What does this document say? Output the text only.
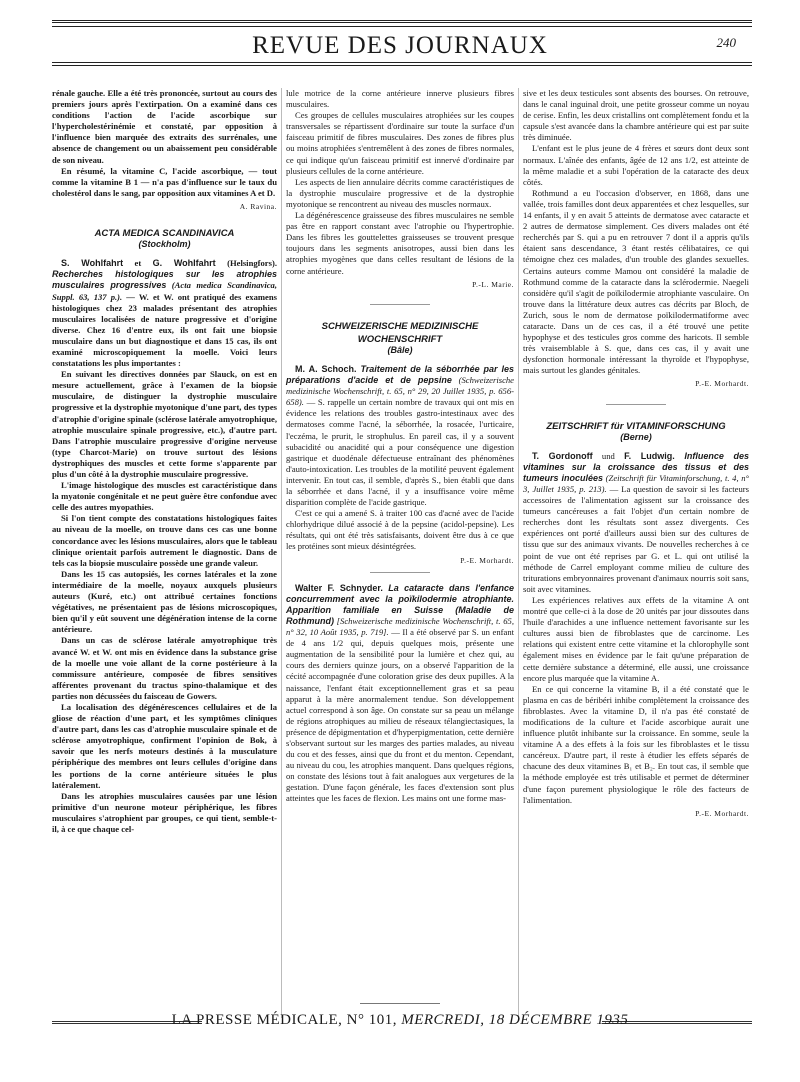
REVUE DES JOURNAUX	240

rénale gauche. Elle a été très prononcée, surtout au cours des premiers jours après l'extirpation. On a examiné dans ces conditions l'action de l'acide ascorbique sur l'hypercholestérinémie et constaté, par opposition à l'influence bien marquée des extraits des surrénales, une absence de changement ou un abaissement peu considérable de son niveau.

En résumé, la vitamine C, l'acide ascorbique, — tout comme la vitamine B 1 — n'a pas d'influence sur le taux du cholestérol dans le sang, par opposition aux vitamines A et D.

A. Ravina.

ACTA MEDICA SCANDINAVICA
(Stockholm)

S. Wohlfahrt et G. Wohlfahrt (Helsingfors). Recherches histologiques sur les atrophies musculaires progressives (Acta medica Scandinavica, Suppl. 63, 137 p.). — W. et W. ont pratiqué des examens histologiques chez 23 malades présentant des atrophies musculaires localisées de nature progressive et d'origine diverse. Chez 16 d'entre eux, ils ont fait une biopsie musculaire dans un but diagnostique et dans 15 cas, ils ont examiné microscopiquement la moelle. Voici leurs constatations les plus importantes :

En suivant les directives données par Slauck, on est en mesure actuellement, grâce à l'examen de la biopsie musculaire, de distinguer la dystrophie musculaire progressive et la dystrophie myotonique d'une part, des types d'atrophie d'origine spinale (sclérose latérale amyotrophique, atrophie musculaire spinale progressive, etc.), d'autre part. Dans l'atrophie musculaire progressive d'origine nerveuse (type Charcot-Marie) on trouve surtout des lésions dystrophiques des muscles et cette forme s'apparente par plus d'un côté à la dystrophie musculaire progressive.

L'image histologique des muscles est caractéristique dans la myatonie congénitale et ne peut guère être confondue avec celle des autres myopathies.

Si l'on tient compte des constatations histologiques faites au niveau de la moelle, on trouve dans ces cas une bonne concordance avec les lésions musculaires, alors que le tableau clinique orientait parfois autrement le diagnostic. Dans de tels cas la biopsie musculaire possède une grande valeur.

Dans les 15 cas autopsiés, les cornes latérales et la zone intermédiaire de la moelle, noyaux auxquels plusieurs auteurs (Kuré, etc.) ont attribué certaines fonctions végétatives, ne présentaient pas de lésions microscopiques, bien qu'il y eût souvent une dégénération intense de la corne antérieure.

Dans un cas de sclérose latérale amyotrophique très avancé W. et W. ont mis en évidence dans la substance grise de la moelle une voie allant de la corne postérieure à la commissure antérieure, composée de fibres sensitives afférentes provenant du tractus spino-thalamique et des parties non décussées du faisceau de Gowers.

La localisation des dégénérescences cellulaires et de la gliose de réaction d'une part, et les symptômes cliniques d'autre part, dans les cas d'atrophie musculaire spinale et de sclérose amyotrophique, confirment l'opinion de Bok, à savoir que les nerfs moteurs destinés à la musculature périphérique des membres ont leurs cellules d'origine dans les portions de la corne antérieure situées le plus latéralement.

Dans les atrophies musculaires causées par une lésion primitive d'un neurone moteur périphérique, les fibres musculaires s'atrophient par groupes, ce qui tient, semble-t-il, à ce que chaque cel-

lule motrice de la corne antérieure innerve plusieurs fibres musculaires.

Ces groupes de cellules musculaires atrophiées sur les coupes transversales se répartissent d'ordinaire sur toute la surface d'un faisceau primitif de fibres musculaires. Des zones de fibres plus ou moins atrophiées s'entremêlent à des zones de fibres normales, ce qui indique qu'un faisceau primitif est innervé d'ordinaire par plusieurs cellules de la corne antérieure.

Les aspects de lien annulaire décrits comme caractéristiques de la dystrophie musculaire progressive et de la dystrophie myotonique se rencontrent au niveau des muscles normaux.

La dégénérescence graisseuse des fibres musculaires ne semble pas être en rapport constant avec l'atrophie ou l'hypertrophie. Dans les fibres les gouttelettes graisseuses se trouvent presque toujours dans les segments anisotropes, aussi bien dans les atrophies myogènes que dans celles resultant de lésions de la corne antérieure.

P.-L. Marie.

SCHWEIZERISCHE MEDIZINISCHE
WOCHENSCHRIFT
(Bâle)

M. A. Schoch. Traitement de la séborrhée par les préparations d'acide et de pepsine (Schweizerische medizinische Wochenschrift, t. 65, n° 29, 20 Juillet 1935, p. 656-658). — S. rappelle un certain nombre de travaux qui ont mis en évidence les relations des troubles gastro-intestinaux avec des dermatoses comme l'acné, la séborrhée, la rosacée, l'urticaire, l'eczéma, le prurit, le strophulus. En pareil cas, il y a souvent subacidité ou anacidité qui a pour conséquence une digestion gastrique et duodénale défectueuse entraînant des phénomènes d'auto-intoxication. Les troubles de la motilité peuvent également intervenir. En tout cas, il semble, d'après S., bien établi que dans la séborrhée et dans l'acné, il y a insuffisance voire même disparition complète de l'acide gastrique.

C'est ce qui a amené S. à traiter 100 cas d'acné avec de l'acide chlorhydrique dilué associé à de la pepsine (acidol-pepsine). Les résultats, qui ont été très satisfaisants, doivent être dus à ce que les protéines sont mieux désintégrées.

P.-E. Morhardt.

Walter F. Schnyder. La cataracte dans l'enfance concurremment avec la poïkilodermie atrophiante. Apparition familiale en Suisse (Maladie de Rothmund) [Schweizerische medizinische Wochenschrift, t. 65, n° 32, 10 Août 1935, p. 719]. — Il a été observé par S. un enfant de 4 ans 1/2 qui, depuis quelques mois, présente une augmentation de la sensibilité pour la lumière et chez qui, au cours des derniers quinze jours, on a observé l'apparition de la cécité accompagnée d'une coloration grise des deux pupilles. A la naissance, l'enfant était exceptionnellement gras et sa peau apparut à la mère anormalement tendue. Son développement actuel correspond à son âge. On constate sur sa peau un mélange de régions atrophiques au milieu de réseaux télangiectasiques, la présence de dépigmentation et d'hyperpigmentation, cette dernière s'observant surtout sur les marges des parties malades, au niveau du cou et des fesses, ainsi que du front et du menton. Cependant, au niveau du cou, les atrophies manquent. Dans quelques régions, on constate des lésions tout à fait analogues aux vergetures de la gestation. D'une façon générale, les faces d'extension sont plus atteintes que les faces de flexion. Les mains ont une forme mas-

sive et les deux testicules sont absents des bourses. On retrouve, dans le canal inguinal droit, une petite grosseur comme un noyau de cerise. Enfin, les deux cristallins ont complètement fondu et la capsule s'est avancée dans la chambre antérieure qui est par suite très diminuée.

L'enfant est le plus jeune de 4 frères et sœurs dont deux sont normaux. L'aînée des enfants, âgée de 12 ans 1/2, est atteinte de la même maladie et a subi l'opération de la cataracte des deux côtés.

Rothmund a eu l'occasion d'observer, en 1868, dans une vallée, trois familles dont deux apparentées et chez lesquelles, sur 14 enfants, il y en avait 5 atteints de dermatose avec cataracte et 2 autres de dermatose simplement. Ces divers malades ont été recherchés par S. qui a pu en retrouver 7 dont il a appris qu'ils étaient sans descendance, 3 étant restés célibataires, ce qui témoigne chez ces malades, d'un trouble des glandes sexuelles. Certains auteurs comme Mamou ont considéré la maladie de Rothmund comme de la cataracte dans la sclérodermie. Naegeli considère qu'il s'agit de poïkilodermie atrophiante vasculaire. On trouve dans la littérature deux autres cas décrits par Bloch, de Zurich, sous le nom de dermatose poïkilodermatiforme avec cataracte. Dans un de ces cas, il a été trouvé une petite hypophyse et des testicules gros comme des haricots. Il semble très vraisemblable à S. que, dans ces cas, il y avait une dysfonction hormonale intéressant la thyroïde et l'hypophyse, mais surtout les glandes génitales.

P.-E. Morhardt.

ZEITSCHRIFT für VITAMINFORSCHUNG
(Berne)

T. Gordonoff und F. Ludwig. Influence des vitamines sur la croissance des tissus et des tumeurs inoculées (Zeitschrift für Vitaminforschung, t. 4, n° 3, Juillet 1935, p. 213). — La question de savoir si les facteurs accessoires de l'alimentation agissent sur la croissance des tumeurs cancéreuses a fait l'objet d'un certain nombre de recherches dont les résultats sont assez divergents. Ces expériences ont porté d'ailleurs aussi bien sur des cultures de tissu que sur des animaux vivants. De nouvelles recherches à ce point de vue ont été reprises par G. et L. qui ont utilisé la méthode de Carrel employant comme milieu de culture des triturations embryonnaires provenant d'animaux nourris soit sans, soit avec vitamines.

Les expériences relatives aux effets de la vitamine A ont montré que celle-ci à la dose de 20 unités par jour dissoutes dans l'huile d'arachides a une influence nettement favorisante sur les cultures aussi bien de fibroblastes que de carcinome. Les relations qui existent entre cette vitamine et la chlorophylle sont également mises en évidence par le fait qu'une préparation de cette dernière substance a déterminé, elle aussi, une croissance encore plus marquée que la vitamine A.

En ce qui concerne la vitamine B, il a été constaté que le plasma en cas de béribéri inhibe complètement la croissance des fibroblastes. Avec la vitamine D, il n'a pas été constaté de modifications de la culture et l'acide ascorbique aurait une influence plutôt inhibante sur la croissance. En somme, seule la vitamine A a des effets à la fois sur les fibroblastes et le tissu cancéreux. D'autre part, il reste à étudier les effets séparés de chacune des deux vitamines B₁ et B₂. En tout cas, il semble que la méthode employée est très utilisable et permet de déterminer d'une façon purement physiologique le rôle des facteurs de l'alimentation.

P.-E. Morhardt.

LA PRESSE MÉDICALE, N° 101, MERCREDI, 18 DÉCEMBRE 1935
